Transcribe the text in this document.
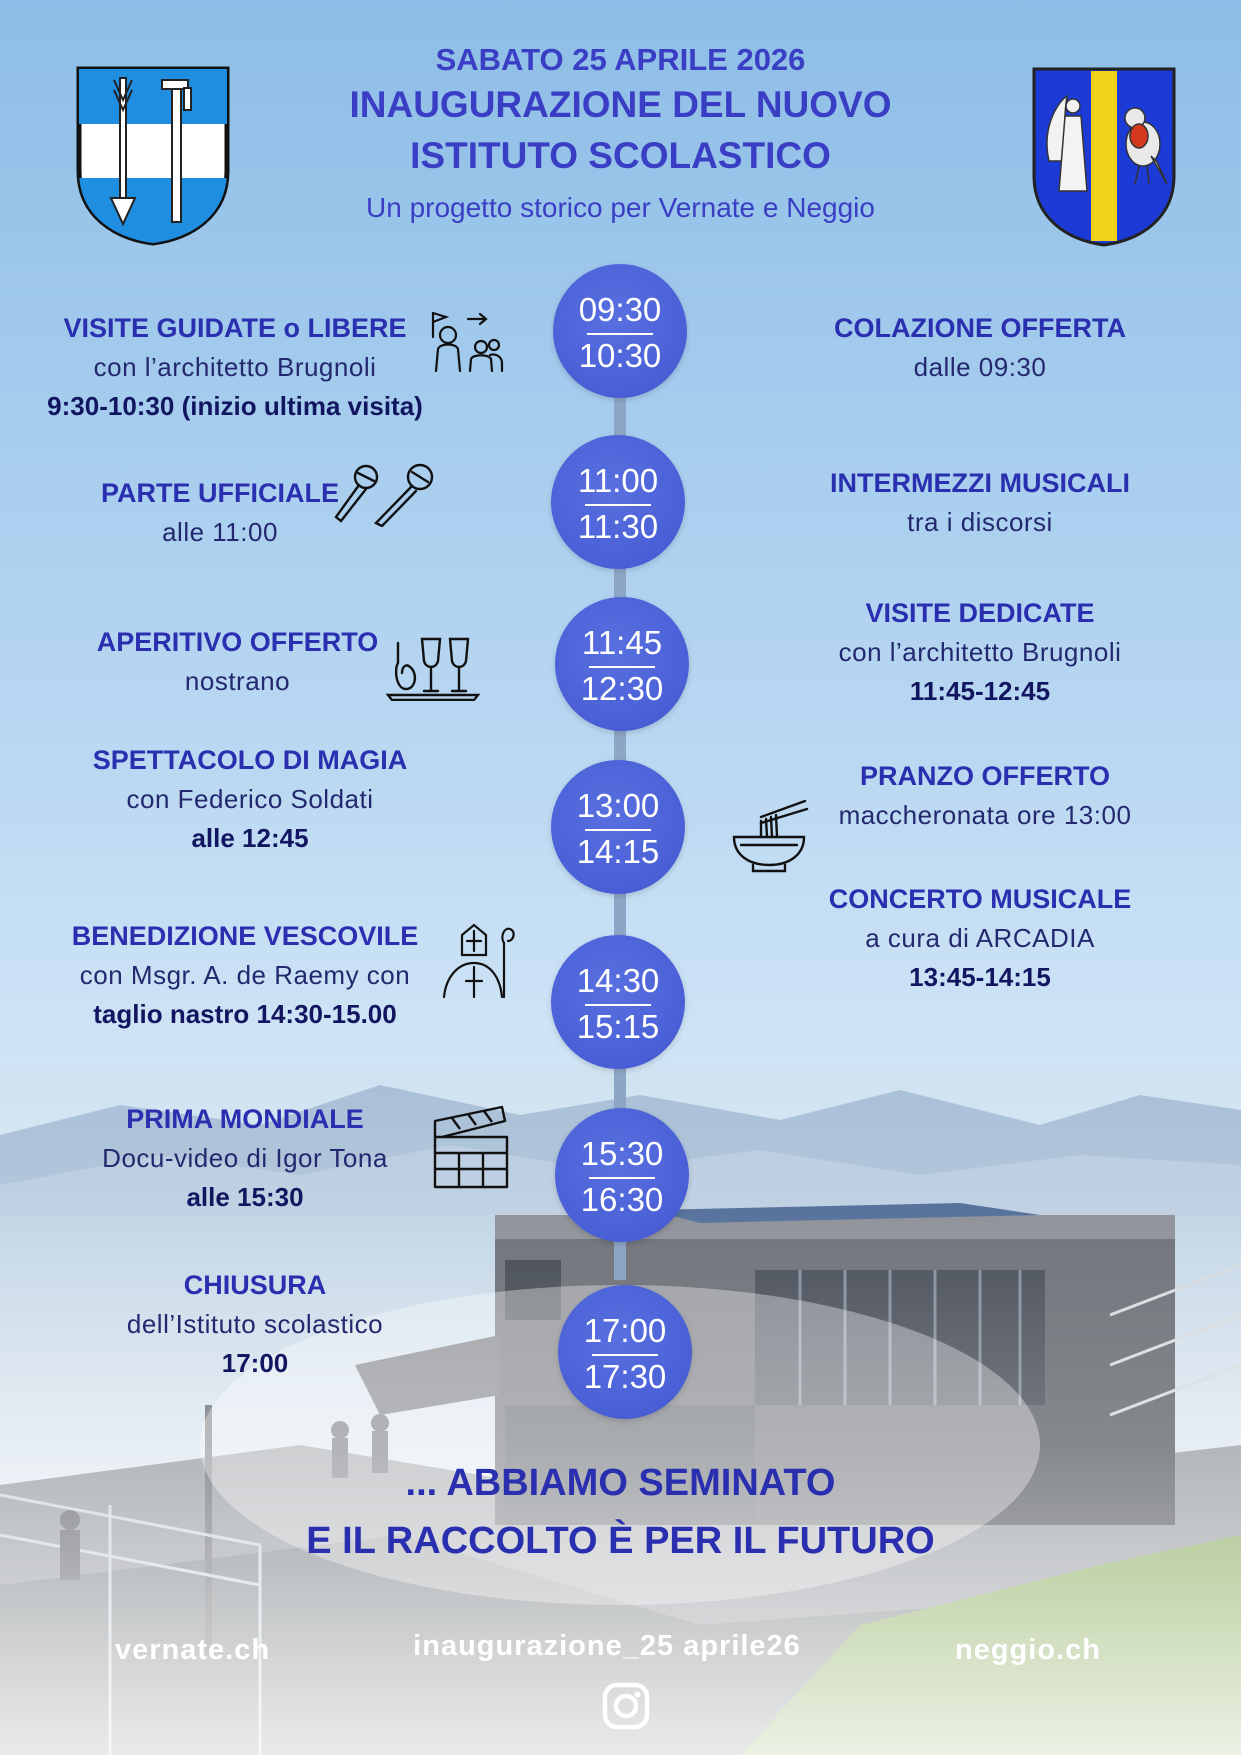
SABATO 25 APRILE 2026
INAUGURAZIONE DEL NUOVO
ISTITUTO SCOLASTICO
Un progetto storico per Vernate e Neggio
09:30
10:30
11:00
11:30
11:45
12:30
13:00
14:15
14:30
15:15
15:30
16:30
17:00
17:30
VISITE GUIDATE o LIBERE
con l’architetto Brugnoli
9:30-10:30 (inizio ultima visita)
PARTE UFFICIALE
alle 11:00
APERITIVO OFFERTO
nostrano
SPETTACOLO DI MAGIA
con Federico Soldati
alle 12:45
BENEDIZIONE VESCOVILE
con Msgr. A. de Raemy con
taglio nastro 14:30-15.00
PRIMA MONDIALE
Docu-video di Igor Tona
alle 15:30
CHIUSURA
dell’Istituto scolastico
17:00
COLAZIONE OFFERTA
dalle 09:30
INTERMEZZI MUSICALI
tra i discorsi
VISITE DEDICATE
con l’architetto Brugnoli
11:45-12:45
PRANZO OFFERTO
maccheronata ore 13:00
CONCERTO MUSICALE
a cura di ARCADIA
13:45-14:15
... ABBIAMO SEMINATO
E IL RACCOLTO È PER IL FUTURO
vernate.ch	inaugurazione_25 aprile26	neggio.ch
